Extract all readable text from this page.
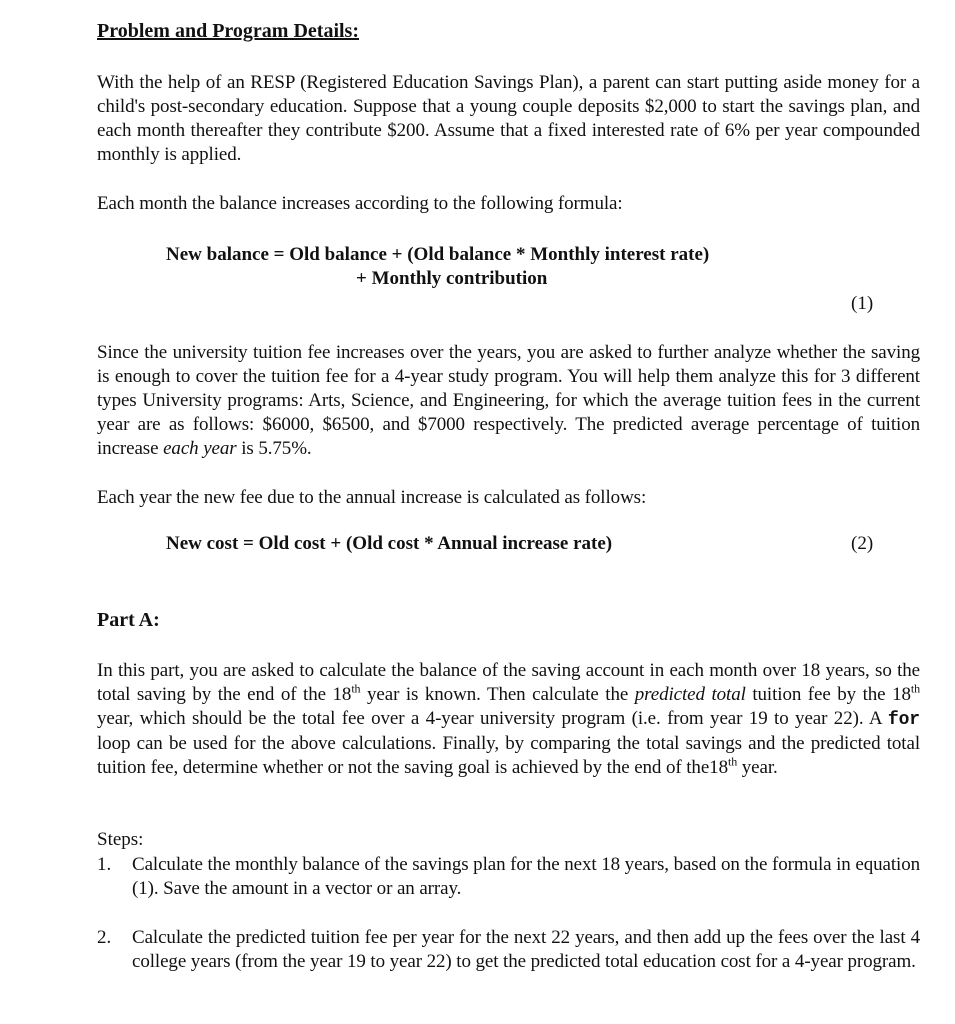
Problem and Program Details:

With the help of an RESP (Registered Education Savings Plan), a parent can start putting aside money for a child's post-secondary education. Suppose that a young couple deposits $2,000 to start the savings plan, and each month thereafter they contribute $200. Assume that a fixed interested rate of 6% per year compounded monthly is applied.

Each month the balance increases according to the following formula:

New balance = Old balance + (Old balance * Monthly interest rate)

+ Monthly contribution

(1)

Since the university tuition fee increases over the years, you are asked to further analyze whether the saving is enough to cover the tuition fee for a 4-year study program. You will help them analyze this for 3 different types University programs: Arts, Science, and Engineering, for which the average tuition fees in the current year are as follows: $6000, $6500, and $7000 respectively. The predicted average percentage of tuition increase each year is 5.75%.

Each year the new fee due to the annual increase is calculated as follows:

New cost = Old cost + (Old cost * Annual increase rate)	(2)

Part A:

In this part, you are asked to calculate the balance of the saving account in each month over 18 years, so the total saving by the end of the 18th year is known. Then calculate the predicted total tuition fee by the 18th year, which should be the total fee over a 4-year university program (i.e. from year 19 to year 22). A for loop can be used for the above calculations. Finally, by comparing the total savings and the predicted total tuition fee, determine whether or not the saving goal is achieved by the end of the18th year.

Steps:

1. Calculate the monthly balance of the savings plan for the next 18 years, based on the formula in equation (1). Save the amount in a vector or an array.

2. Calculate the predicted tuition fee per year for the next 22 years, and then add up the fees over the last 4 college years (from the year 19 to year 22) to get the predicted total education cost for a 4-year program.
